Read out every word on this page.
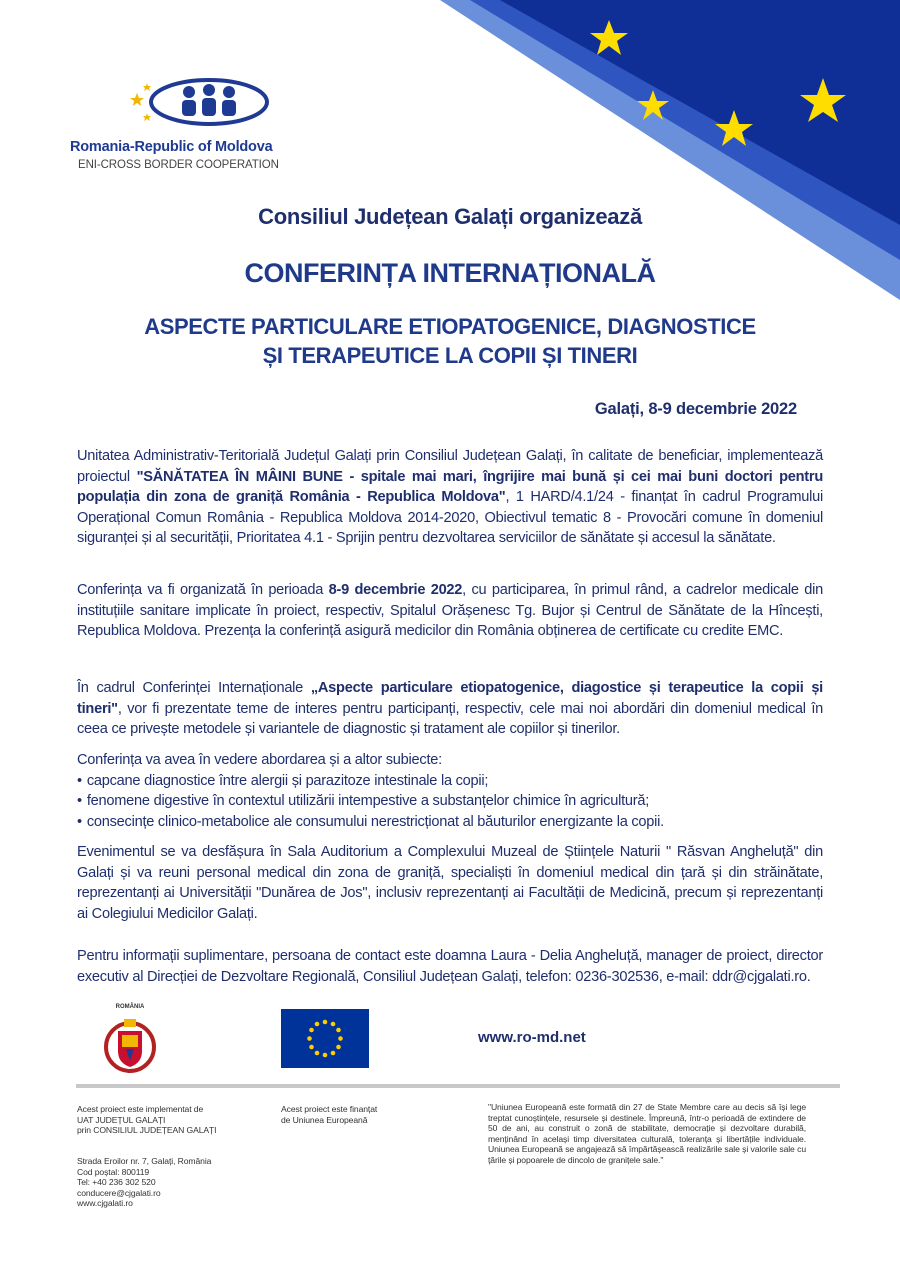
Romania-Republic of Moldova
ENI-CROSS BORDER COOPERATION
Consiliul Județean Galați organizează
CONFERINȚA INTERNAȚIONALĂ
ASPECTE PARTICULARE ETIOPATOGENICE, DIAGNOSTICE
ȘI TERAPEUTICE LA COPII ȘI TINERI
Galați, 8-9 decembrie 2022

Unitatea Administrativ-Teritorială Județul Galați prin Consiliul Județean Galați, în calitate de beneficiar, implementează proiectul "SĂNĂTATEA ÎN MÂINI BUNE - spitale mai mari, îngrijire mai bună și cei mai buni doctori pentru populația din zona de graniță România - Republica Moldova", 1 HARD/4.1/24 - finanțat în cadrul Programului Operațional Comun România - Republica Moldova 2014-2020, Obiectivul tematic 8 - Provocări comune în domeniul siguranței și al securității, Prioritatea 4.1 - Sprijin pentru dezvoltarea serviciilor de sănătate și accesul la sănătate.

Conferința va fi organizată în perioada 8-9 decembrie 2022, cu participarea, în primul rând, a cadrelor medicale din instituțiile sanitare implicate în proiect, respectiv, Spitalul Orășenesc Tg. Bujor și Centrul de Sănătate de la Hîncești, Republica Moldova. Prezența la conferință asigură medicilor din România obținerea de certificate cu credite EMC.

În cadrul Conferinței Internaționale „Aspecte particulare etiopatogenice, diagostice și terapeutice la copii și tineri", vor fi prezentate teme de interes pentru participanți, respectiv, cele mai noi abordări din domeniul medical în ceea ce privește metodele și variantele de diagnostic și tratament ale copiilor și tinerilor.

Conferința va avea în vedere abordarea și a altor subiecte:

• capcane diagnostice între alergii și parazitoze intestinale la copii;
• fenomene digestive în contextul utilizării intempestive a substanțelor chimice în agricultură;
• consecințe clinico-metabolice ale consumului nerestricționat al băuturilor energizante la copii.

Evenimentul se va desfășura în Sala Auditorium a Complexului Muzeal de Științele Naturii " Răsvan Angheluță" din Galați și va reuni personal medical din zona de graniță, specialiști în domeniul medical din țară și din străinătate, reprezentanți ai Universității "Dunărea de Jos", inclusiv reprezentanți ai Facultății de Medicină, precum și reprezentanți ai Colegiului Medicilor Galați.

Pentru informații suplimentare, persoana de contact este doamna Laura - Delia Angheluță, manager de proiect, director executiv al Direcției de Dezvoltare Regională, Consiliul Județean Galați, telefon: 0236-302536, e-mail: ddr@cjgalati.ro.

ROMÂNIA
www.ro-md.net

Acest proiect este implementat de

UAT JUDEȚUL GALAȚI

prin CONSILIUL JUDEȚEAN GALAȚI

Strada Eroilor nr. 7, Galați, România

Cod poștal: 800119

Tel: +40 236 302 520

conducere@cjgalati.ro

www.cjgalati.ro

Acest proiect este finanțat

de Uniunea Europeană

"Uniunea Europeană este formată din 27 de State Membre care au decis să își lege treptat cunoștințele, resursele și destinele. Împreună, într-o perioadă de extindere de 50 de ani, au construit o zonă de stabilitate, democrație și dezvoltare durabilă, menținând în același timp diversitatea culturală, toleranța și libertățile individuale. Uniunea Europeană se angajează să împărtășească realizările sale și valorile sale cu țările și popoarele de dincolo de granițele sale."
